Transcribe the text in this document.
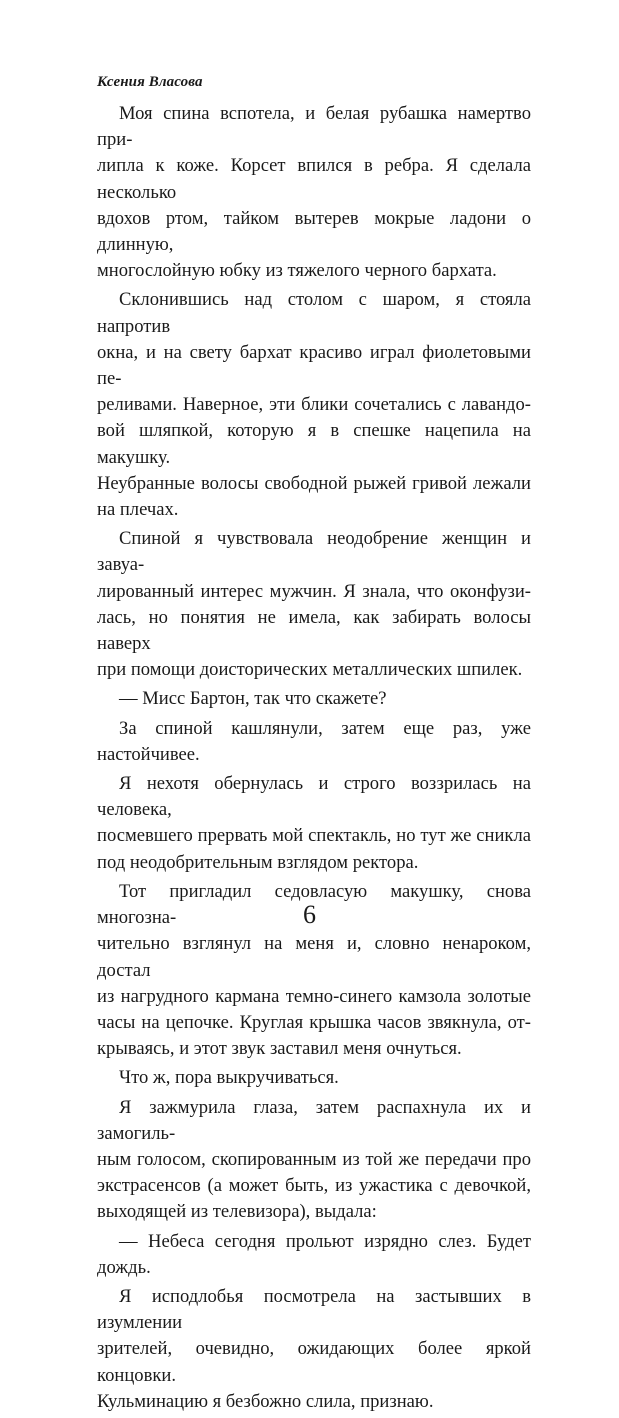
Ксения Власова

Моя спина вспотела, и белая рубашка намертво при-
липла к коже. Корсет впился в ребра. Я сделала несколько
вдохов ртом, тайком вытерев мокрые ладони о длинную,
многослойную юбку из тяжелого черного бархата.

Склонившись над столом с шаром, я стояла напротив
окна, и на свету бархат красиво играл фиолетовыми пе-
реливами. Наверное, эти блики сочетались с лавандо-
вой шляпкой, которую я в спешке нацепила на макушку.
Неубранные волосы свободной рыжей гривой лежали
на плечах.

Спиной я чувствовала неодобрение женщин и завуа-
лированный интерес мужчин. Я знала, что оконфузи-
лась, но понятия не имела, как забирать волосы наверх
при помощи доисторических металлических шпилек.

— Мисс Бартон, так что скажете?

За спиной кашлянули, затем еще раз, уже настойчивее.

Я нехотя обернулась и строго воззрилась на человека,
посмевшего прервать мой спектакль, но тут же сникла
под неодобрительным взглядом ректора.

Тот пригладил седовласую макушку, снова многозна-
чительно взглянул на меня и, словно ненароком, достал
из нагрудного кармана темно-синего камзола золотые
часы на цепочке. Круглая крышка часов звякнула, от-
крываясь, и этот звук заставил меня очнуться.

Что ж, пора выкручиваться.

Я зажмурила глаза, затем распахнула их и замогиль-
ным голосом, скопированным из той же передачи про
экстрасенсов (а может быть, из ужастика с девочкой,
выходящей из телевизора), выдала:

— Небеса сегодня прольют изрядно слез. Будет дождь.

Я исподлобья посмотрела на застывших в изумлении
зрителей, очевидно, ожидающих более яркой концовки.
Кульминацию я безбожно слила, признаю.

6
